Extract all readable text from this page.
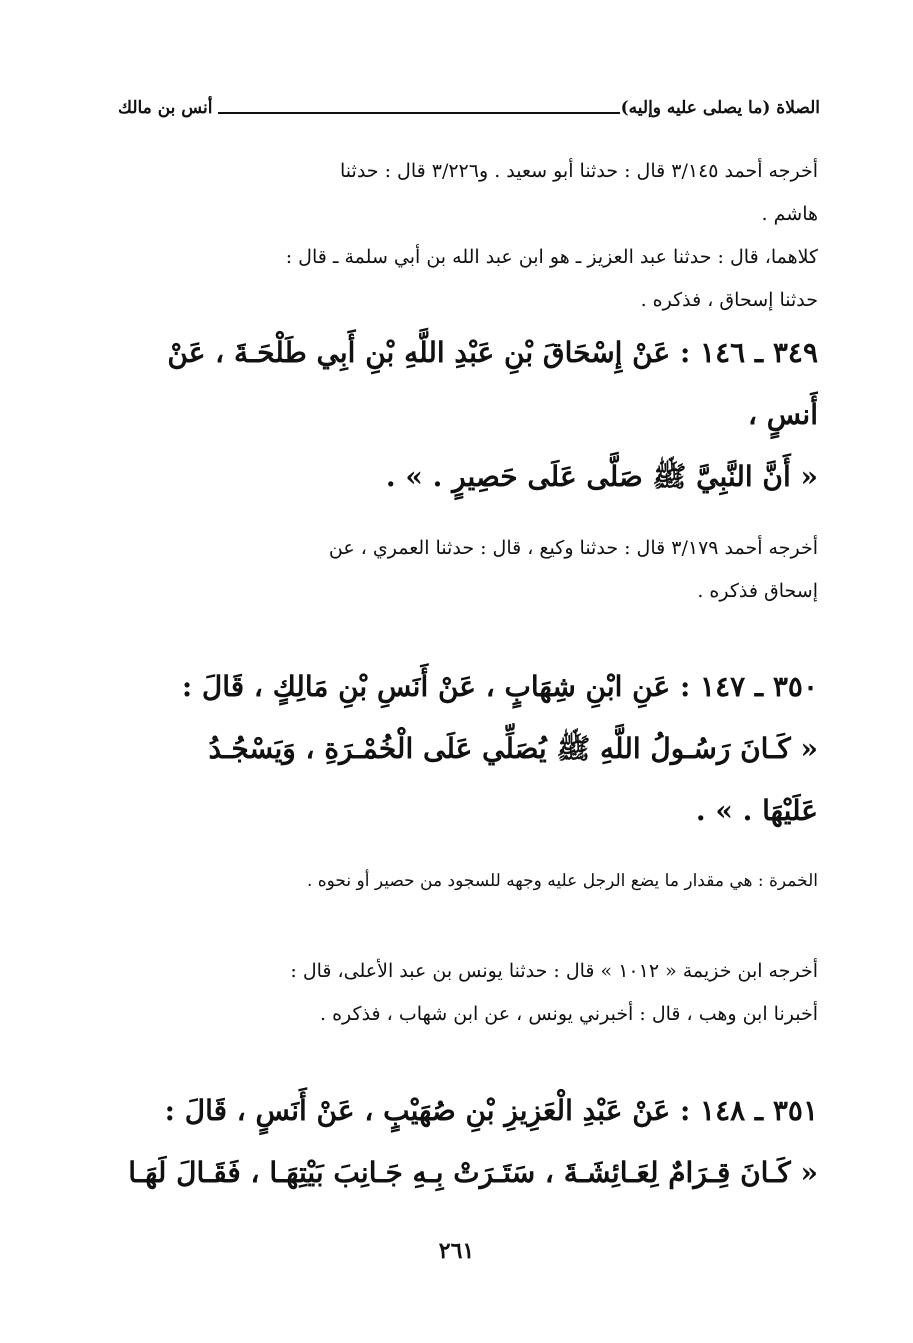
الصلاة (ما يصلى عليه وإليه)
أنس بن مالك
أخرجه أحمد ٣/١٤٥ قال : حدثنا أبو سعيد . و٣/٢٢٦ قال : حدثنا
هاشم .
كلاهما، قال : حدثنا عبد العزيز ـ هو ابن عبد الله بن أبي سلمة ـ قال :
حدثنا إسحاق ، فذكره .
٣٤٩ ـ ١٤٦ : عَنْ إِسْحَاقَ بْنِ عَبْدِ اللَّهِ بْنِ أَبِي طَلْحَـةَ ، عَنْ
أَنسٍ ،
« أَنَّ النَّبِيَّ ﷺ صَلَّى عَلَى حَصِيرٍ . » .
أخرجه أحمد ٣/١٧٩ قال : حدثنا وكيع ، قال : حدثنا العمري ، عن
إسحاق فذكره .
٣٥٠ ـ ١٤٧ : عَنِ ابْنِ شِهَابٍ ، عَنْ أَنَسِ بْنِ مَالِكٍ ، قَالَ :
« كَـانَ رَسُـولُ اللَّهِ ﷺ يُصَلِّي عَلَى الْخُمْـرَةِ ، وَيَسْجُـدُ
عَلَيْهَا . » .
الخمرة : هي مقدار ما يضع الرجل عليه وجهه للسجود من حصير أو نحوه .
أخرجه ابن خزيمة « ١٠١٢ » قال : حدثنا يونس بن عبد الأعلى، قال :
أخبرنا ابن وهب ، قال : أخبرني يونس ، عن ابن شهاب ، فذكره .
٣٥١ ـ ١٤٨ : عَنْ عَبْدِ الْعَزِيزِ بْنِ صُهَيْبٍ ، عَنْ أَنَسٍ ، قَالَ :
« كَـانَ قِـرَامٌ لِعَـائِشَـةَ ، سَتَـرَتْ بِـهِ جَـانِبَ بَيْتِهَـا ، فَقَـالَ لَهَـا
٢٦١
